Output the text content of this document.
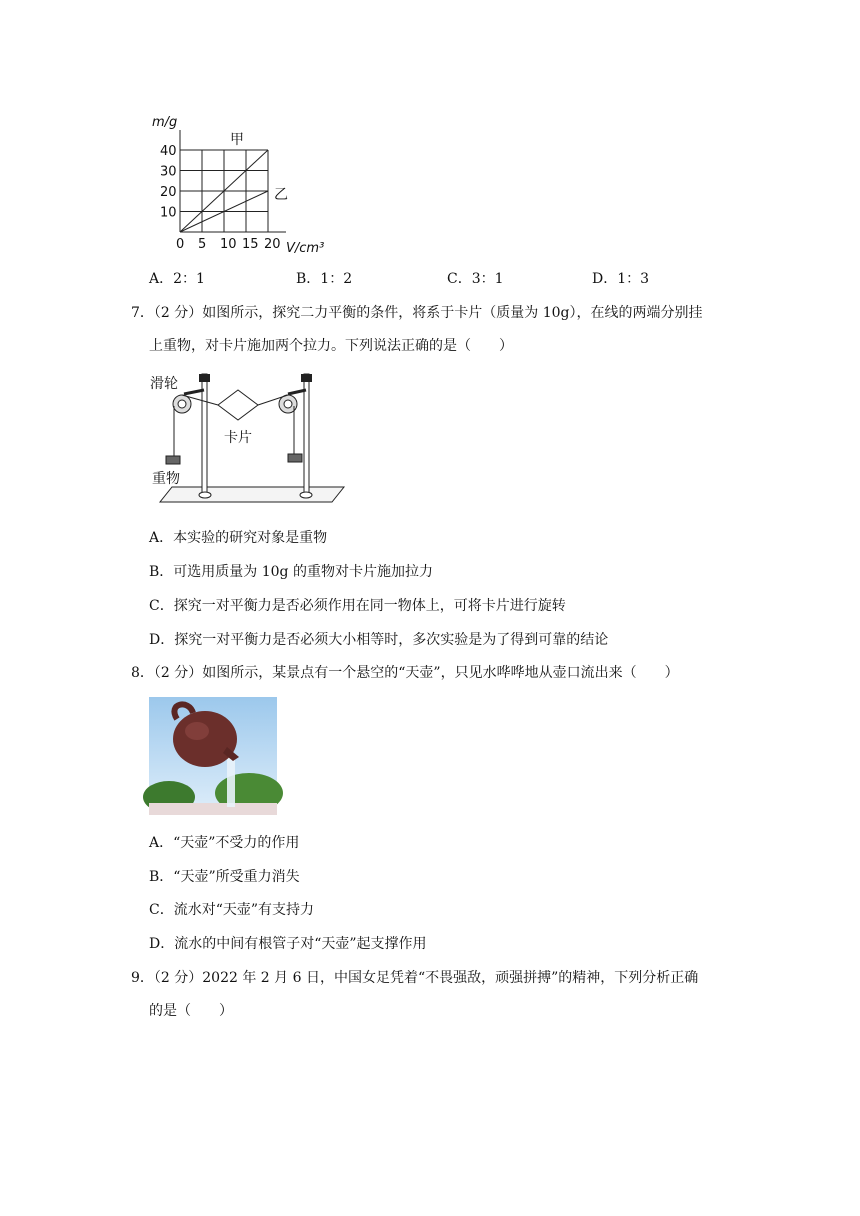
0 5 10 15 20
10
20
30
40
m/g
V/cm³
甲
乙
A．2：1	B．1：2	C．3：1	D．1：3
7．（2 分）如图所示，探究二力平衡的条件，将系于卡片（质量为 10g），在线的两端分别挂
上重物，对卡片施加两个拉力。下列说法正确的是（　　）
滑轮
卡片
重物
A．本实验的研究对象是重物
B．可选用质量为 10g 的重物对卡片施加拉力
C．探究一对平衡力是否必须作用在同一物体上，可将卡片进行旋转
D．探究一对平衡力是否必须大小相等时，多次实验是为了得到可靠的结论
8．（2 分）如图所示，某景点有一个悬空的“天壶”，只见水哗哗地从壶口流出来（　　）
A．“天壶”不受力的作用
B．“天壶”所受重力消失
C．流水对“天壶”有支持力
D．流水的中间有根管子对“天壶”起支撑作用
9．（2 分）2022 年 2 月 6 日，中国女足凭着“不畏强敌，顽强拼搏”的精神，下列分析正确
的是（　　）
